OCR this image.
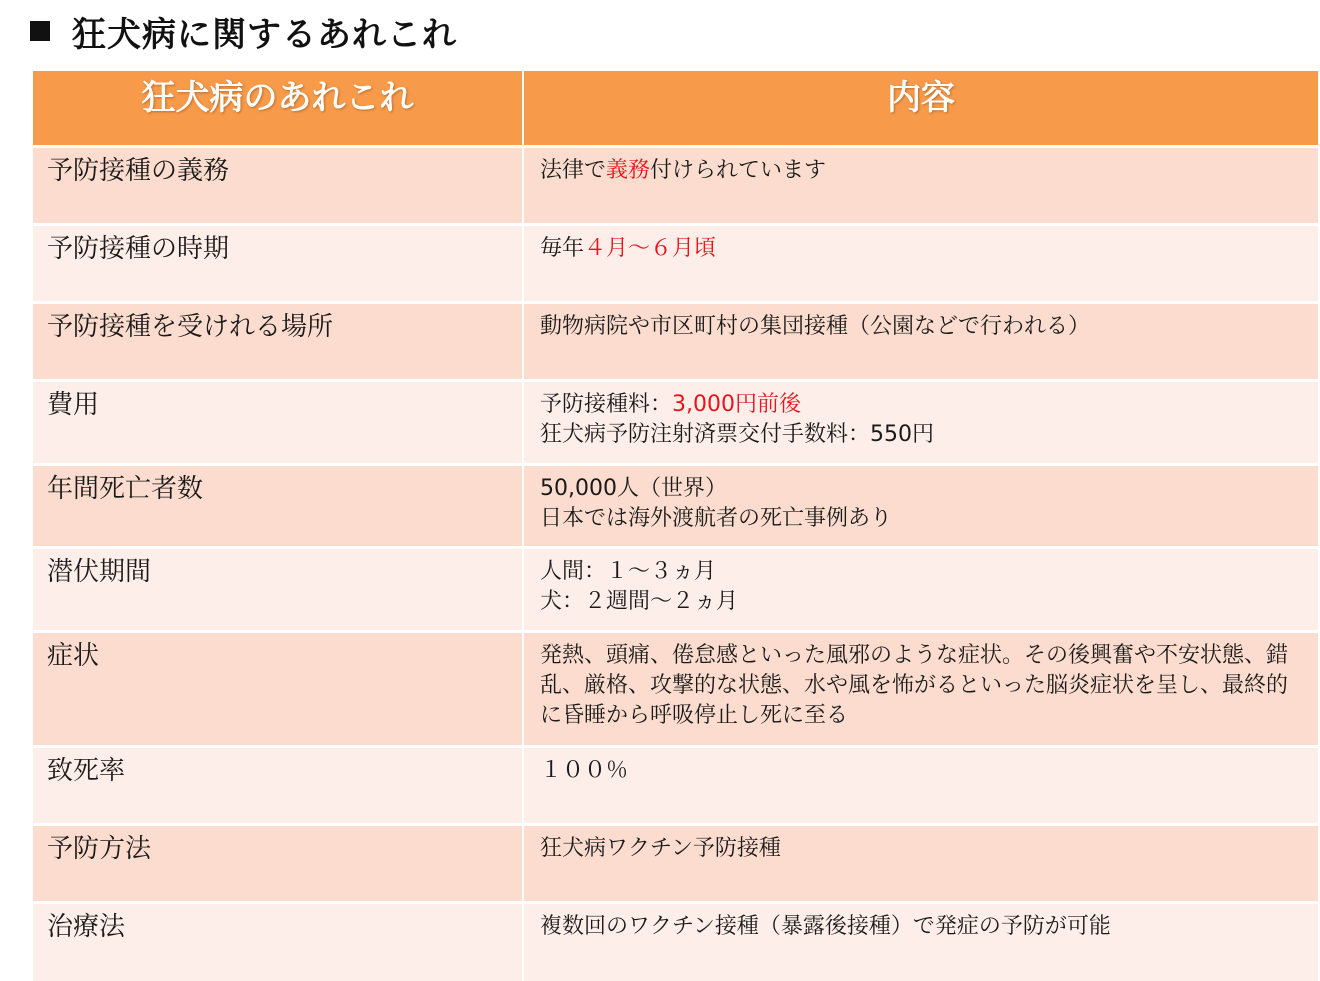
狂犬病に関するあれこれ
狂犬病のあれこれ	内容
予防接種の義務	法律で義務付けられています
予防接種の時期	毎年４月～６月頃
予防接種を受けれる場所	動物病院や市区町村の集団接種（公園などで行われる）
費用	予防接種料：3,000円前後
狂犬病予防注射済票交付手数料：550円

年間死亡者数	50,000人（世界）
日本では海外渡航者の死亡事例あり

潜伏期間	人間：１～３ヵ月
犬：２週間～２ヵ月

症状	発熱、頭痛、倦怠感といった風邪のような症状。その後興奮や不安状態、錯乱、厳格、攻撃的な状態、水や風を怖がるといった脳炎症状を呈し、最終的に昏睡から呼吸停止し死に至る
致死率	１００％
予防方法	狂犬病ワクチン予防接種
治療法	複数回のワクチン接種（暴露後接種）で発症の予防が可能
